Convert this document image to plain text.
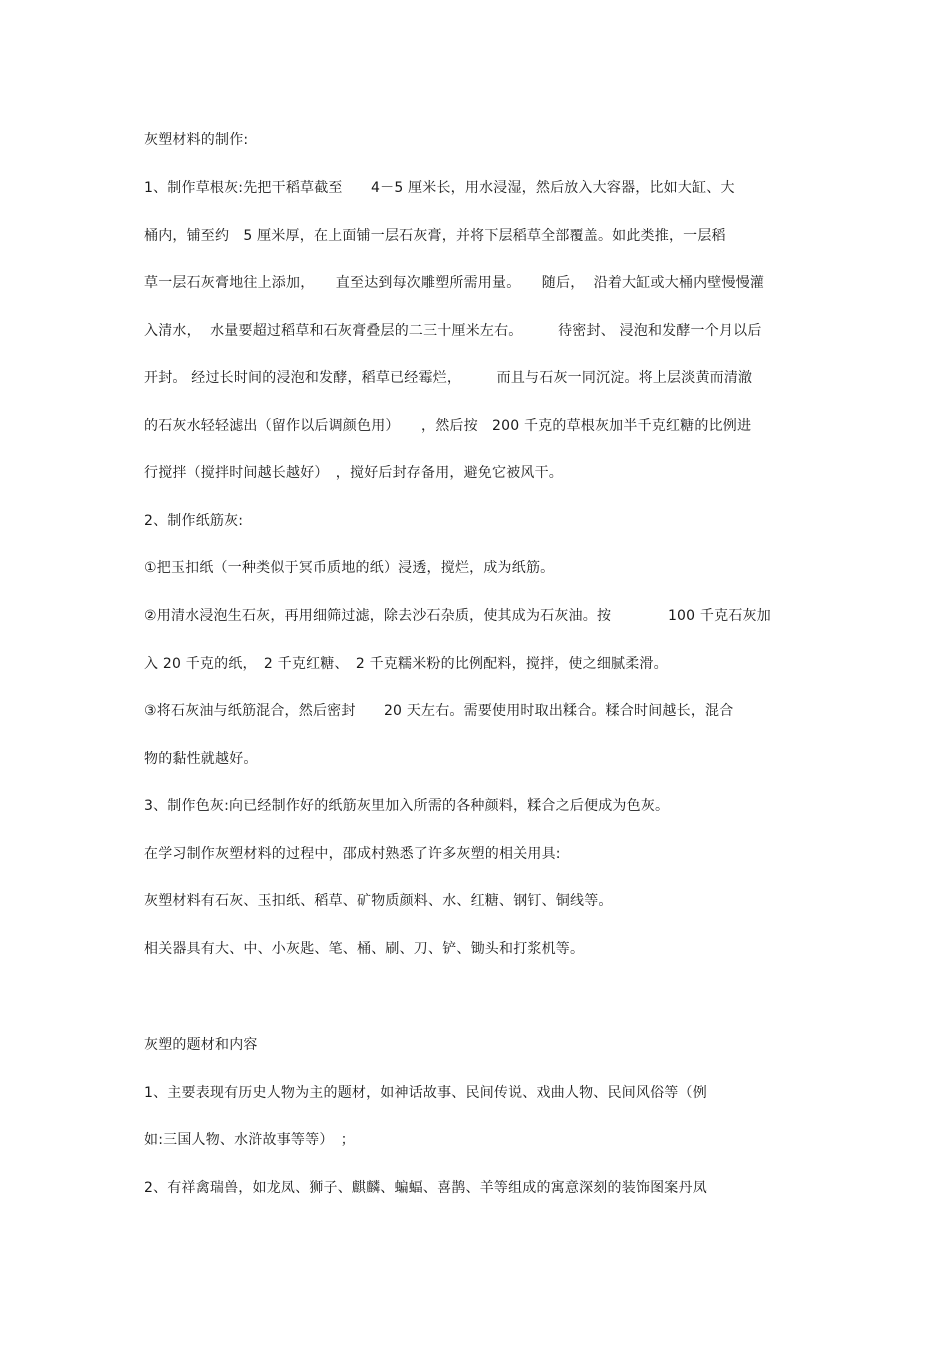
灰塑材料的制作:
1、制作草根灰:先把干稻草截至　　4－5 厘米长，用水浸湿，然后放入大容器，比如大缸、大
桶内，铺至约　5 厘米厚，在上面铺一层石灰膏，并将下层稻草全部覆盖。如此类推，一层稻
草一层石灰膏地往上添加，　　直至达到每次雕塑所需用量。　　随后，  沿着大缸或大桶内壁慢慢灌
入清水，  水量要超过稻草和石灰膏叠层的二三十厘米左右。　　　待密封、 浸泡和发酵一个月以后
开封。 经过长时间的浸泡和发酵，稻草已经霉烂，　　　而且与石灰一同沉淀。将上层淡黄而清澈
的石灰水轻轻滤出（留作以后调颜色用）　　，然后按　200 千克的草根灰加半千克红糖的比例进
行搅拌（搅拌时间越长越好）　，搅好后封存备用，避免它被风干。
2、制作纸筋灰:
①把玉扣纸（一种类似于冥币质地的纸）浸透，搅烂，成为纸筋。
②用清水浸泡生石灰，再用细筛过滤，除去沙石杂质，使其成为石灰油。按　　　　100 千克石灰加
入 20 千克的纸，　2 千克红糖、　2 千克糯米粉的比例配料，搅拌，使之细腻柔滑。
③将石灰油与纸筋混合，然后密封　　20 天左右。需要使用时取出糅合。糅合时间越长，混合
物的黏性就越好。
3、制作色灰:向已经制作好的纸筋灰里加入所需的各种颜料，糅合之后便成为色灰。
在学习制作灰塑材料的过程中，邵成村熟悉了许多灰塑的相关用具:
灰塑材料有石灰、玉扣纸、稻草、矿物质颜料、水、红糖、钢钉、铜线等。
相关器具有大、中、小灰匙、笔、桶、刷、刀、铲、锄头和打浆机等。
灰塑的题材和内容
1、主要表现有历史人物为主的题材，如神话故事、民间传说、戏曲人物、民间风俗等（例
如:三国人物、水浒故事等等）　；
2、有祥禽瑞兽，如龙凤、狮子、麒麟、蝙蝠、喜鹊、羊等组成的寓意深刻的装饰图案丹凤
